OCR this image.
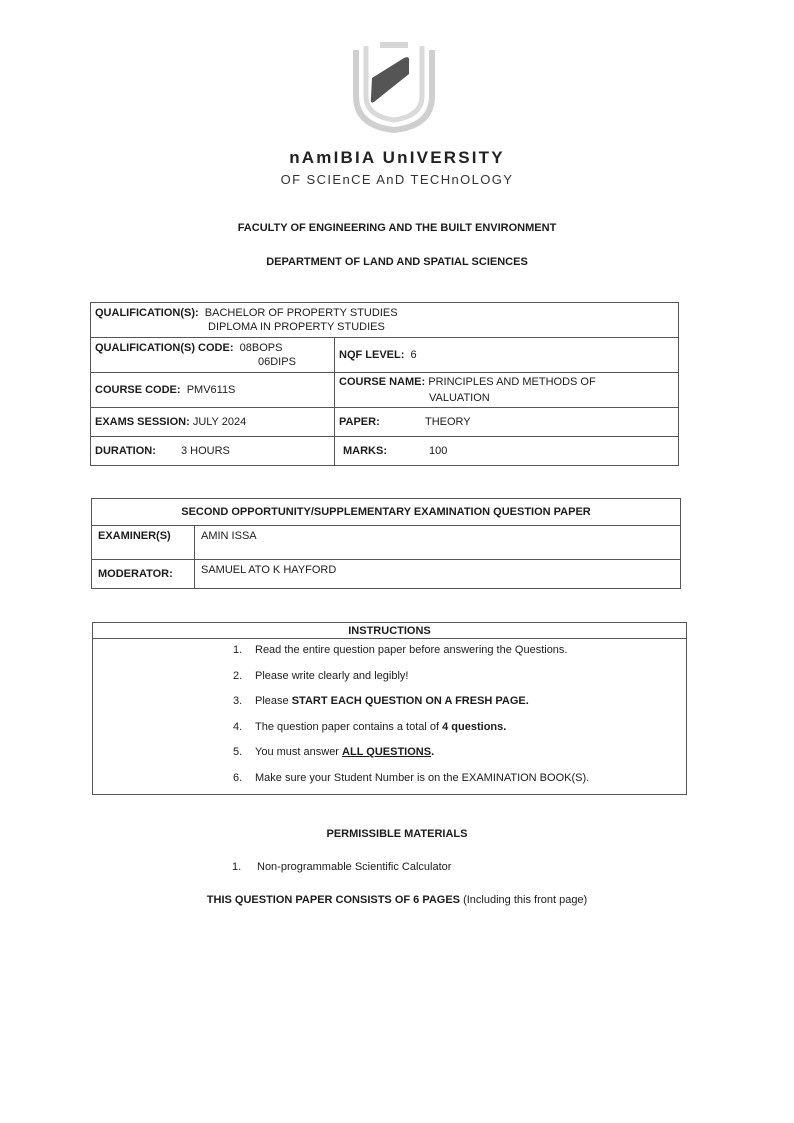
nAmIBIA UnIVERSITY
OF SCIEnCE AnD TECHnOLOGY
FACULTY OF ENGINEERING AND THE BUILT ENVIRONMENT
DEPARTMENT OF LAND AND SPATIAL SCIENCES
QUALIFICATION(S): BACHELOR OF PROPERTY STUDIES
DIPLOMA IN PROPERTY STUDIES	

QUALIFICATION(S) CODE: 08BOPS
06DIPS	NQF LEVEL: 6
COURSE CODE: PMV611S	COURSE NAME: PRINCIPLES AND METHODS OF
VALUATION

EXAMS SESSION: JULY 2024	PAPER: THEORY
DURATION: 3 HOURS	MARKS: 100
SECOND OPPORTUNITY/SUPPLEMENTARY EXAMINATION QUESTION PAPER	
EXAMINER(S)	AMIN ISSA
MODERATOR:	SAMUEL ATO K HAYFORD
INSTRUCTIONS
1. Read the entire question paper before answering the Questions.
2. Please write clearly and legibly!
3. Please START EACH QUESTION ON A FRESH PAGE.
4. The question paper contains a total of 4 questions.
5. You must answer ALL QUESTIONS.
6. Make sure your Student Number is on the EXAMINATION BOOK(S).
PERMISSIBLE MATERIALS
1. Non-programmable Scientific Calculator
THIS QUESTION PAPER CONSISTS OF 6 PAGES (Including this front page)
